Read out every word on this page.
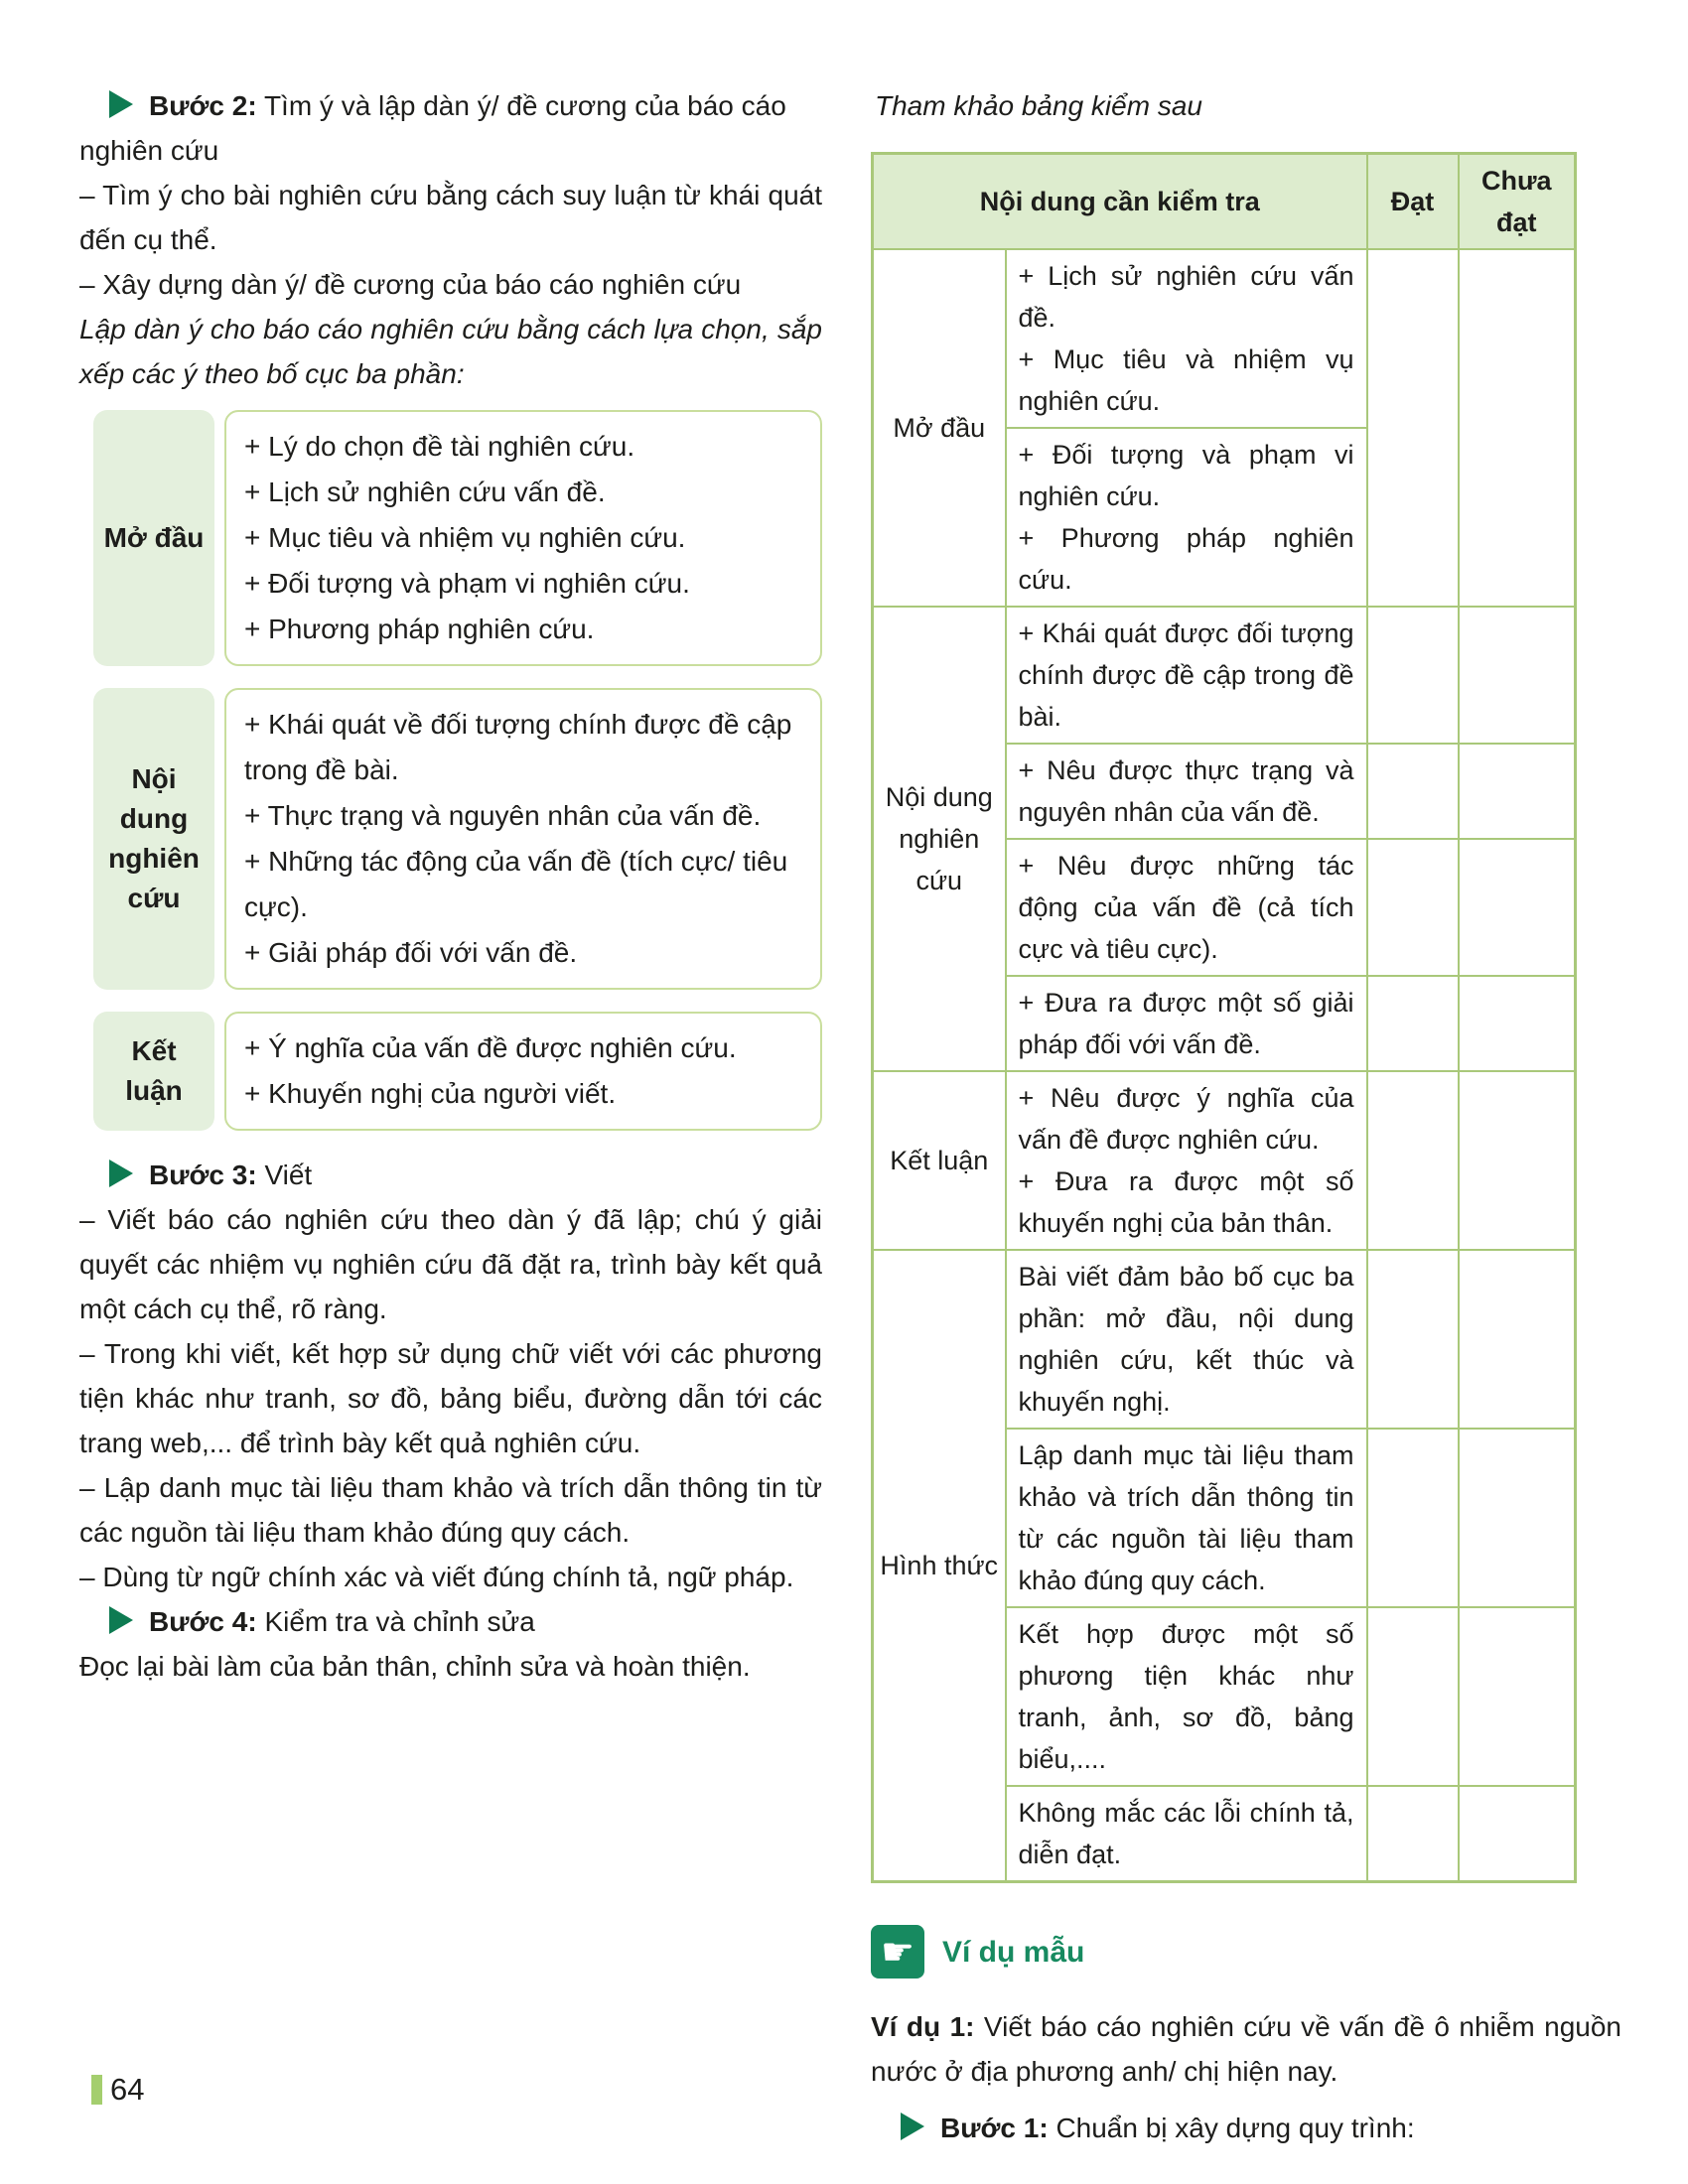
Bước 2: Tìm ý và lập dàn ý/ đề cương của báo cáo nghiên cứu

– Tìm ý cho bài nghiên cứu bằng cách suy luận từ khái quát đến cụ thể.

– Xây dựng dàn ý/ đề cương của báo cáo nghiên cứu

Lập dàn ý cho báo cáo nghiên cứu bằng cách lựa chọn, sắp xếp các ý theo bố cục ba phần:

Mở đầu
+ Lý do chọn đề tài nghiên cứu.
+ Lịch sử nghiên cứu vấn đề.
+ Mục tiêu và nhiệm vụ nghiên cứu.
+ Đối tượng và phạm vi nghiên cứu.
+ Phương pháp nghiên cứu.
Nội dung nghiên cứu
+ Khái quát về đối tượng chính được đề cập trong đề bài.
+ Thực trạng và nguyên nhân của vấn đề.
+ Những tác động của vấn đề (tích cực/ tiêu cực).
+ Giải pháp đối với vấn đề.
Kết luận
+ Ý nghĩa của vấn đề được nghiên cứu.
+ Khuyến nghị của người viết.

Bước 3: Viết

– Viết báo cáo nghiên cứu theo dàn ý đã lập; chú ý giải quyết các nhiệm vụ nghiên cứu đã đặt ra, trình bày kết quả một cách cụ thể, rõ ràng.

– Trong khi viết, kết hợp sử dụng chữ viết với các phương tiện khác như tranh, sơ đồ, bảng biểu, đường dẫn tới các trang web,... để trình bày kết quả nghiên cứu.

– Lập danh mục tài liệu tham khảo và trích dẫn thông tin từ các nguồn tài liệu tham khảo đúng quy cách.

– Dùng từ ngữ chính xác và viết đúng chính tả, ngữ pháp.

Bước 4: Kiểm tra và chỉnh sửa

Đọc lại bài làm của bản thân, chỉnh sửa và hoàn thiện.

Tham khảo bảng kiểm sau

Nội dung cần kiểm tra		Đạt	Chưa đạt
Mở đầu	+ Lịch sử nghiên cứu vấn đề.
+ Mục tiêu và nhiệm vụ nghiên cứu.		

	+ Đối tượng và phạm vi nghiên cứu.
+ Phương pháp nghiên cứu.		

Nội dung nghiên cứu	+ Khái quát được đối tượng chính được đề cập trong đề bài.		

	+ Nêu được thực trạng và nguyên nhân của vấn đề.		

	+ Nêu được những tác động của vấn đề (cả tích cực và tiêu cực).		

	+ Đưa ra được một số giải pháp đối với vấn đề.		

Kết luận	+ Nêu được ý nghĩa của vấn đề được nghiên cứu.
+ Đưa ra được một số khuyến nghị của bản thân.		

Hình thức	Bài viết đảm bảo bố cục ba phần: mở đầu, nội dung nghiên cứu, kết thúc và khuyến nghị.		

	Lập danh mục tài liệu tham khảo và trích dẫn thông tin từ các nguồn tài liệu tham khảo đúng quy cách.		

	Kết hợp được một số phương tiện khác như tranh, ảnh, sơ đồ, bảng biểu,....		

	Không mắc các lỗi chính tả, diễn đạt.		

☛ Ví dụ mẫu

Ví dụ 1: Viết báo cáo nghiên cứu về vấn đề ô nhiễm nguồn nước ở địa phương anh/ chị hiện nay.

Bước 1: Chuẩn bị xây dựng quy trình:

64
